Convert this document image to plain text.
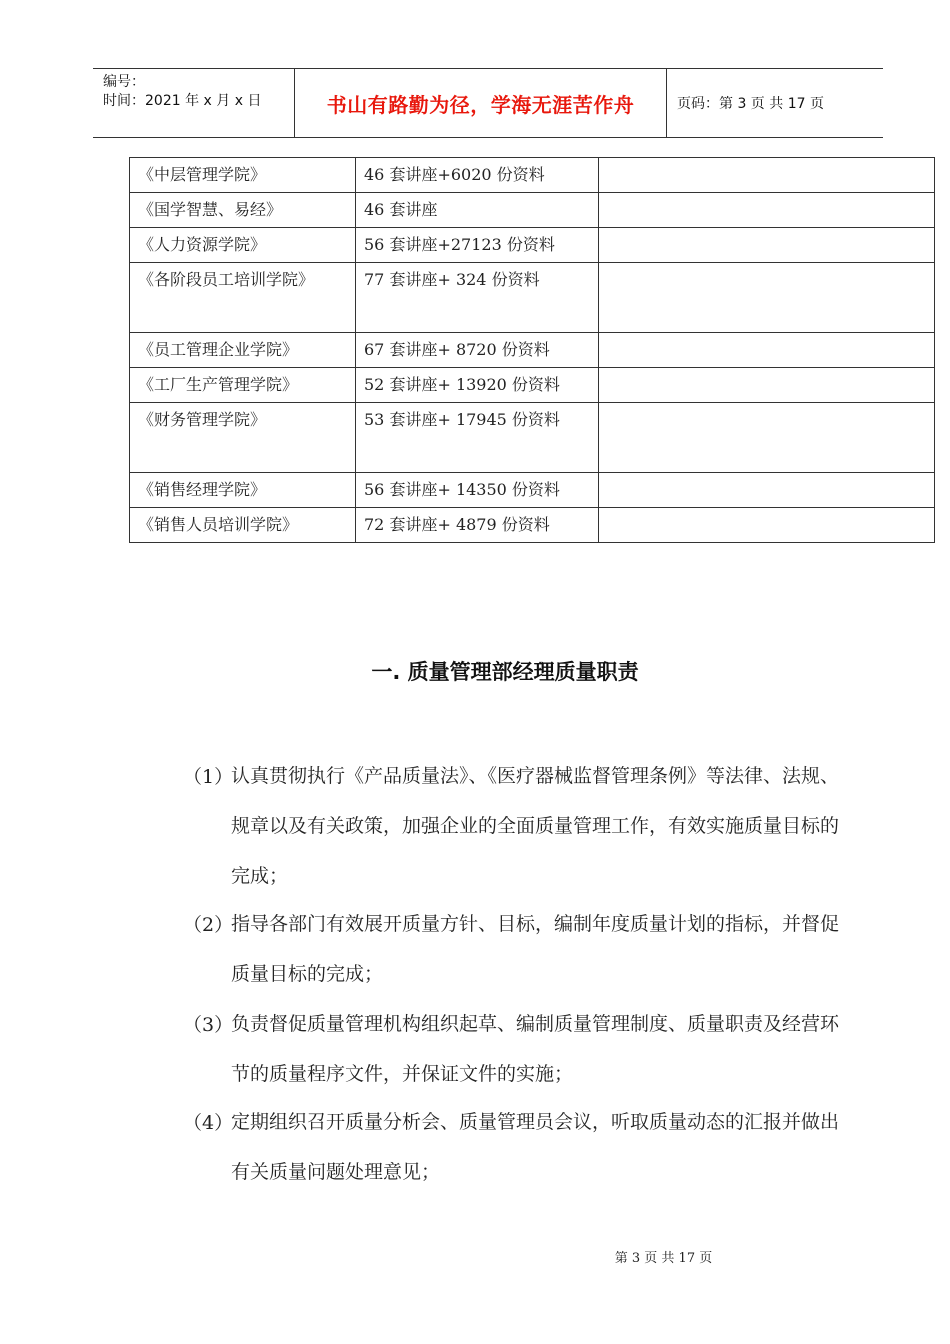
编号：
时间：2021 年 x 月 x 日	书山有路勤为径，学海无涯苦作舟	页码：第 3 页 共 17 页
《中层管理学院》	46 套讲座+6020 份资料	
《国学智慧、易经》	46 套讲座	
《人力资源学院》	56 套讲座+27123 份资料	
《各阶段员工培训学院》	77 套讲座+ 324 份资料	
《员工管理企业学院》	67 套讲座+ 8720 份资料	
《工厂生产管理学院》	52 套讲座+ 13920 份资料	
《财务管理学院》	53 套讲座+ 17945 份资料	
《销售经理学院》	56 套讲座+ 14350 份资料	
《销售人员培训学院》	72 套讲座+ 4879 份资料	
一. 质量管理部经理质量职责
（1）
认真贯彻执行《产品质量法》、《医疗器械监督管理条例》等法律、法规、规章以及有关政策，加强企业的全面质量管理工作，有效实施质量目标的完成；
（2）
指导各部门有效展开质量方针、目标，编制年度质量计划的指标，并督促质量目标的完成；
（3）
负责督促质量管理机构组织起草、编制质量管理制度、质量职责及经营环节的质量程序文件，并保证文件的实施；
（4）
定期组织召开质量分析会、质量管理员会议，听取质量动态的汇报并做出有关质量问题处理意见；
第 3 页 共 17 页
